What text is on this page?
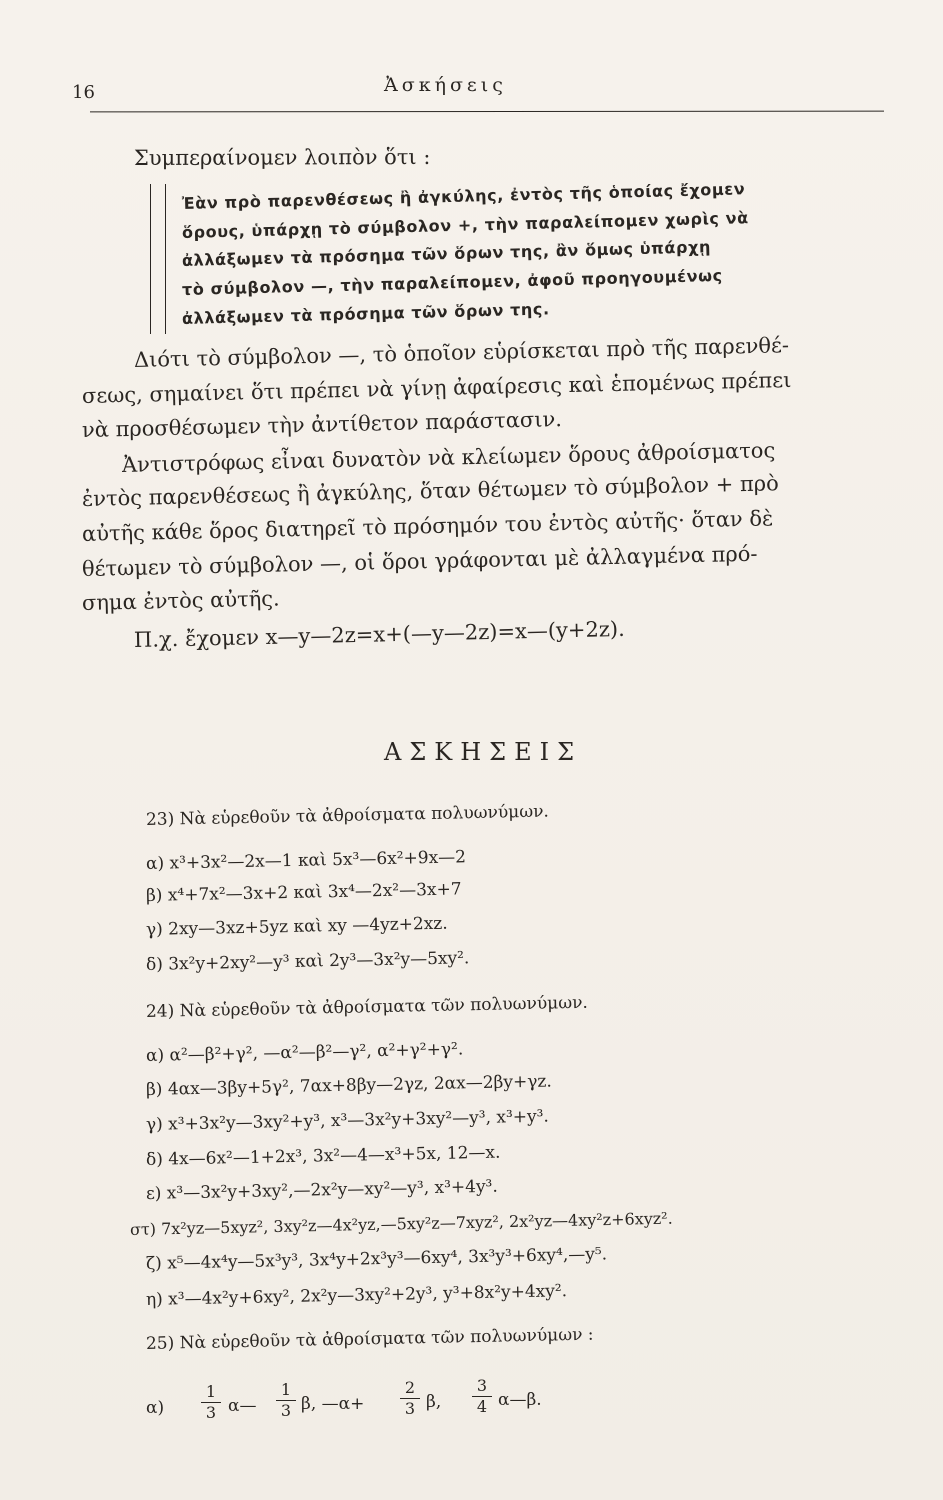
16	Ἀσκήσεις
Συμπεραίνομεν λοιπὸν ὅτι :
Ἐὰν πρὸ παρενθέσεως ἢ ἀγκύλης, ἐντὸς τῆς ὁποίας ἔχομεν
ὅρους, ὑπάρχῃ τὸ σύμβολον +, τὴν παραλείπομεν χωρὶς νὰ
ἀλλάξωμεν τὰ πρόσημα τῶν ὅρων της, ἂν ὅμως ὑπάρχῃ
τὸ σύμβολον —, τὴν παραλείπομεν, ἀφοῦ προηγουμένως
ἀλλάξωμεν τὰ πρόσημα τῶν ὅρων της.
Διότι τὸ σύμβολον —, τὸ ὁποῖον εὑρίσκεται πρὸ τῆς παρενθέ-
σεως, σημαίνει ὅτι πρέπει νὰ γίνῃ ἀφαίρεσις καὶ ἑπομένως πρέπει
νὰ προσθέσωμεν τὴν ἀντίθετον παράστασιν.
Ἀντιστρόφως εἶναι δυνατὸν νὰ κλείωμεν ὅρους ἀθροίσματος
ἐντὸς παρενθέσεως ἢ ἀγκύλης, ὅταν θέτωμεν τὸ σύμβολον + πρὸ
αὐτῆς κάθε ὅρος διατηρεῖ τὸ πρόσημόν του ἐντὸς αὐτῆς· ὅταν δὲ
θέτωμεν τὸ σύμβολον —, οἱ ὅροι γράφονται μὲ ἀλλαγμένα πρό-
σημα ἐντὸς αὐτῆς.
Π.χ. ἔχομεν x—y—2z=x+(—y—2z)=x—(y+2z).
ΑΣΚΗΣΕΙΣ
23) Νὰ εὑρεθοῦν τὰ ἀθροίσματα πολυωνύμων.
α) x³+3x²—2x—1 καὶ 5x³—6x²+9x—2
β) x⁴+7x²—3x+2 καὶ 3x⁴—2x²—3x+7
γ) 2xy—3xz+5yz καὶ xy —4yz+2xz.
δ) 3x²y+2xy²—y³ καὶ 2y³—3x²y—5xy².
24) Νὰ εὑρεθοῦν τὰ ἀθροίσματα τῶν πολυωνύμων.
α) α²—β²+γ², —α²—β²—γ², α²+γ²+γ².
β) 4αx—3βy+5γ², 7αx+8βy—2γz, 2αx—2βy+γz.
γ) x³+3x²y—3xy²+y³, x³—3x²y+3xy²—y³, x³+y³.
δ) 4x—6x²—1+2x³, 3x²—4—x³+5x, 12—x.
ε) x³—3x²y+3xy²,—2x²y—xy²—y³, x³+4y³.
στ) 7x²yz—5xyz², 3xy²z—4x²yz,—5xy²z—7xyz², 2x²yz—4xy²z+6xyz².
ζ) x⁵—4x⁴y—5x³y³, 3x⁴y+2x³y³—6xy⁴, 3x³y³+6xy⁴,—y⁵.
η) x³—4x²y+6xy², 2x²y—3xy²+2y³, y³+8x²y+4xy².
25) Νὰ εὑρεθοῦν τὰ ἀθροίσματα τῶν πολυωνύμων :
α)
1
3 α—
1
3 β, —α+
2
3 β,
3
4 α—β.
